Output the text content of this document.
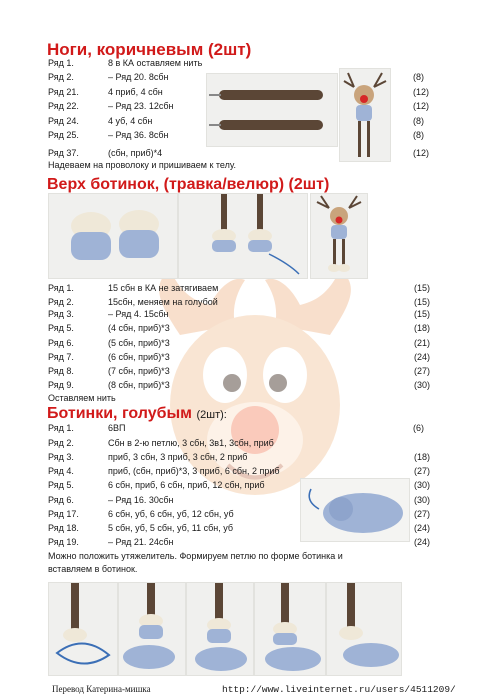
Ноги, коричневым (2шт)
Ряд 1.	8 в КА оставляем нить
Ряд 2.	– Ряд 20. 8сбн	(8)
Ряд 21.	4 приб, 4 сбн	(12)
Ряд 22.	– Ряд 23. 12сбн	(12)
Ряд 24.	4 уб, 4 сбн	(8)
Ряд 25.	– Ряд 36. 8сбн	(8)
Ряд 37.	(сбн, приб)*4	(12)
Надеваем на проволоку и пришиваем к телу.
Верх ботинок, (травка/велюр) (2шт)
Ряд 1.	15 сбн в КА не затягиваем	(15)
Ряд 2.	15сбн, меняем на голубой	(15)
Ряд 3.	– Ряд 4. 15сбн	(15)
Ряд 5.	(4 сбн, приб)*3	(18)
Ряд 6.	(5 сбн, приб)*3	(21)
Ряд 7.	(6 сбн, приб)*3	(24)
Ряд 8.	(7 сбн, приб)*3	(27)
Ряд 9.	(8 сбн, приб)*3	(30)
Оставляем нить
Ботинки, голубым (2шт):
Ряд 1.	6ВП	(6)
Ряд 2.	Сбн в 2-ю петлю, 3 сбн, 3в1, 3сбн, приб
Ряд 3.	приб, 3 сбн, 3 приб, 3 сбн, 2 приб	(18)
Ряд 4.	приб, (сбн, приб)*3, 3 приб, 6 сбн, 2 приб	(27)
Ряд 5.	6 сбн, приб, 6 сбн, приб, 12 сбн, приб	(30)
Ряд 6.	– Ряд 16. 30сбн	(30)
Ряд 17.	6 сбн, уб, 6 сбн, уб, 12 сбн, уб	(27)
Ряд 18.	5 сбн, уб, 5 сбн, уб, 11 сбн, уб	(24)
Ряд 19.	– Ряд 21. 24сбн	(24)
Можно положить утяжелитель. Формируем петлю по форме ботинка и
вставляем в ботинок.
Перевод Катерина-мишка	http://www.liveinternet.ru/users/4511209/
